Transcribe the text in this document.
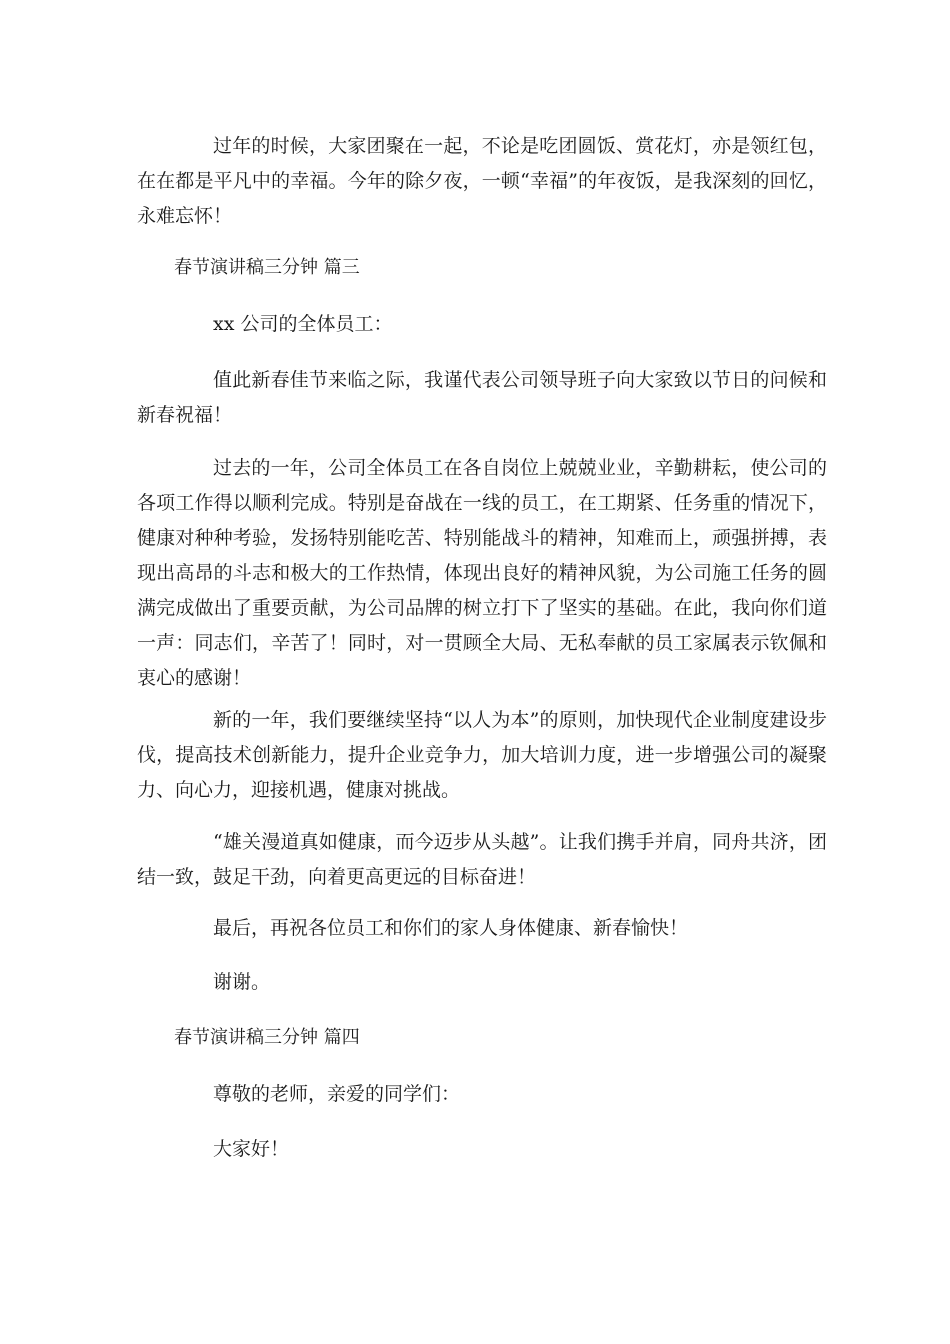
过年的时候，大家团聚在一起，不论是吃团圆饭、赏花灯，亦是领红包，在在都是平凡中的幸福。今年的除夕夜，一顿“幸福”的年夜饭，是我深刻的回忆，永难忘怀！

春节演讲稿三分钟 篇三

xx 公司的全体员工：

值此新春佳节来临之际，我谨代表公司领导班子向大家致以节日的问候和新春祝福！

过去的一年，公司全体员工在各自岗位上兢兢业业，辛勤耕耘，使公司的各项工作得以顺利完成。特别是奋战在一线的员工，在工期紧、任务重的情况下，健康对种种考验，发扬特别能吃苦、特别能战斗的精神，知难而上，顽强拼搏，表现出高昂的斗志和极大的工作热情，体现出良好的精神风貌，为公司施工任务的圆满完成做出了重要贡献，为公司品牌的树立打下了坚实的基础。在此，我向你们道一声：同志们，辛苦了！同时，对一贯顾全大局、无私奉献的员工家属表示钦佩和衷心的感谢！

新的一年，我们要继续坚持“以人为本”的原则，加快现代企业制度建设步伐，提高技术创新能力，提升企业竞争力，加大培训力度，进一步增强公司的凝聚力、向心力，迎接机遇，健康对挑战。

“雄关漫道真如健康，而今迈步从头越”。让我们携手并肩，同舟共济，团结一致，鼓足干劲，向着更高更远的目标奋进！

最后，再祝各位员工和你们的家人身体健康、新春愉快！

谢谢。

春节演讲稿三分钟 篇四

尊敬的老师，亲爱的同学们：

大家好！
